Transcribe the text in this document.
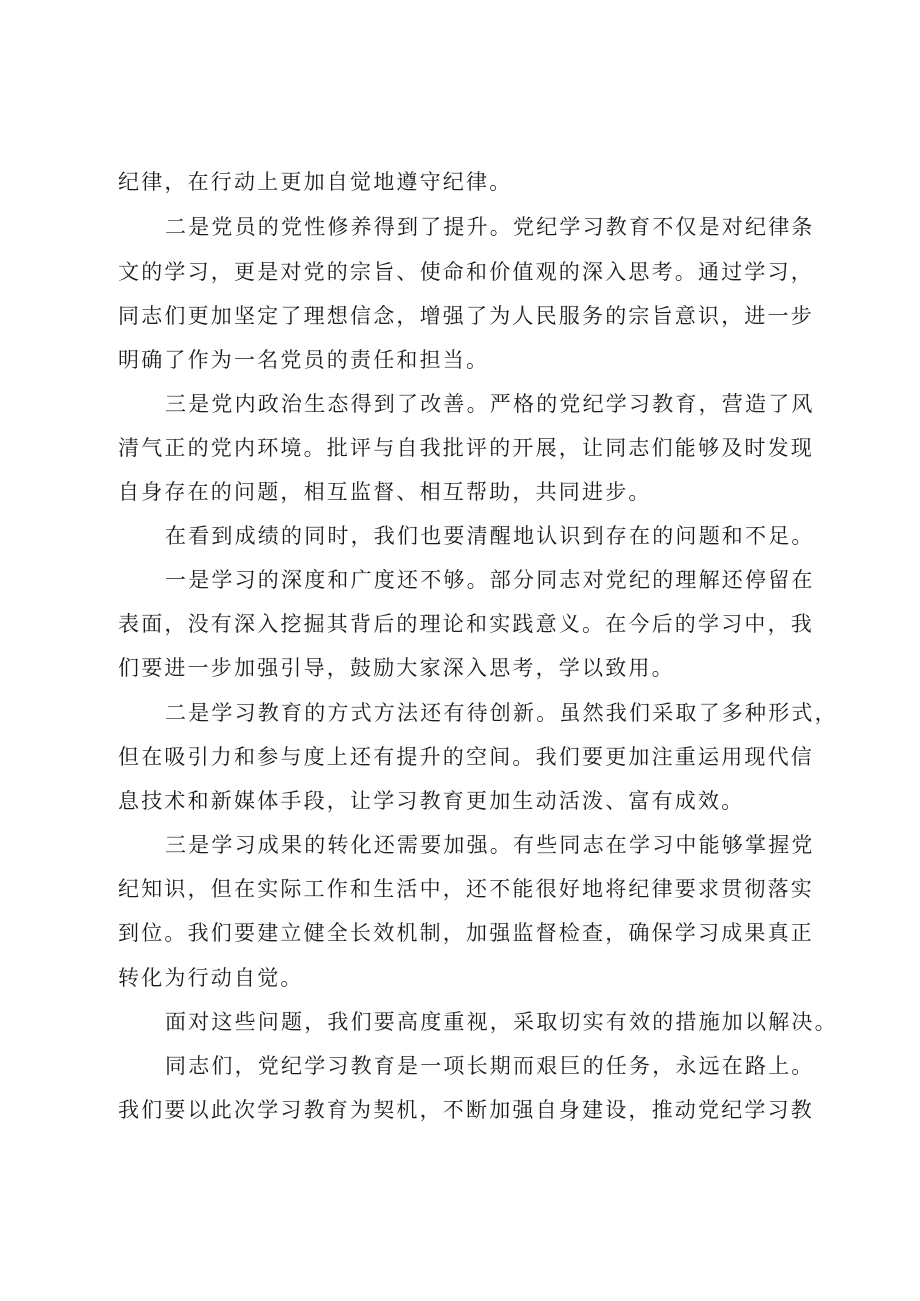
纪律，在行动上更加自觉地遵守纪律。
二是党员的党性修养得到了提升。党纪学习教育不仅是对纪律条
文的学习，更是对党的宗旨、使命和价值观的深入思考。通过学习，
同志们更加坚定了理想信念，增强了为人民服务的宗旨意识，进一步
明确了作为一名党员的责任和担当。
三是党内政治生态得到了改善。严格的党纪学习教育，营造了风
清气正的党内环境。批评与自我批评的开展，让同志们能够及时发现
自身存在的问题，相互监督、相互帮助，共同进步。
在看到成绩的同时，我们也要清醒地认识到存在的问题和不足。
一是学习的深度和广度还不够。部分同志对党纪的理解还停留在
表面，没有深入挖掘其背后的理论和实践意义。在今后的学习中，我
们要进一步加强引导，鼓励大家深入思考，学以致用。
二是学习教育的方式方法还有待创新。虽然我们采取了多种形式，
但在吸引力和参与度上还有提升的空间。我们要更加注重运用现代信
息技术和新媒体手段，让学习教育更加生动活泼、富有成效。
三是学习成果的转化还需要加强。有些同志在学习中能够掌握党
纪知识，但在实际工作和生活中，还不能很好地将纪律要求贯彻落实
到位。我们要建立健全长效机制，加强监督检查，确保学习成果真正
转化为行动自觉。
面对这些问题，我们要高度重视，采取切实有效的措施加以解决。
同志们，党纪学习教育是一项长期而艰巨的任务，永远在路上。
我们要以此次学习教育为契机，不断加强自身建设，推动党纪学习教
